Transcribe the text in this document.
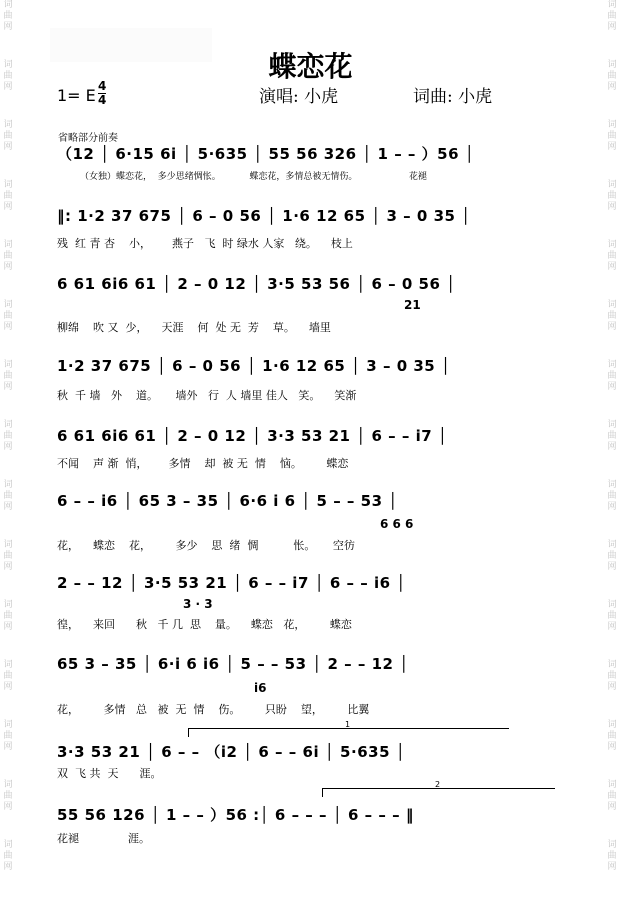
词
曲
网
词
曲
网
词
曲
网
词
曲
网
词
曲
网
词
曲
网
词
曲
网
词
曲
网
词
曲
网
词
曲
网
词
曲
网
词
曲
网
词
曲
网
词
曲
网
词
曲
网
词
曲
网
词
曲
网
词
曲
网
词
曲
网
词
曲
网
词
曲
网
词
曲
网
词
曲
网
词
曲
网
词
曲
网
词
曲
网
词
曲
网
词
曲
网
词
曲
网
词
曲
网
蝶恋花
1= E $\frac{4}{4}$	演唱: 小虎	词曲: 小虎
省略部分前奏
（12 │ 6·15 6i │ 5·635 │ 55 56 326 │ 1 – – ）56 │
（女独）蝶恋花，  多少思绪惆怅。          蝶恋花，多情总被无情伤。                  花褪
‖: 1·2 37 675 │ 6 – 0 56 │ 1·6 12 65 │ 3 – 0 35 │
残  红 青 杏    小，      燕子   飞  时 绿水 人家   绕。    枝上
6 61 6i6 61 │ 2 – 0 12 │ 3·5 53 56 │ 6 – 0 56 │
柳绵    吹 又  少，    天涯    何  处 无  芳    草。    墙里
1·2 37 675 │ 6 – 0 56 │ 1·6 12 65 │ 3 – 0 35 │
秋  千 墙   外    道。     墙外   行  人 墙里 佳人   笑。    笑渐
6 61 6i6 61 │ 2 – 0 12 │ 3·3 53 21 │ 6 – – i7 │
不闻    声 渐  悄，      多情    却  被 无  情    恼。       蝶恋
6 – – i6 │ 65 3 – 35 │ 6·6 i 6 │ 5 – – 53 │
花，    蝶恋    花，       多少    思  绪  惆          怅。     空彷
2 – – 12 │ 3·5 53 21 │ 6 – – i7 │ 6 – – i6 │
徨，    来回      秋   千 几  思    量。    蝶恋   花，       蝶恋
65 3 – 35 │ 6·i 6 i6 │ 5 – – 53 │ 2 – – 12 │
花，       多情   总   被  无  情    伤。       只盼    望，       比翼
3·3 53 21 │ 6 – – （i2 │ 6 – – 6i │ 5·635 │
双  飞 共  天      涯。
55 56 126 │ 1 – – ）56 :│ 6 – – – │ 6 – – – ‖
花褪              涯。
21
6 6 6
3 · 3
i6
1
2
